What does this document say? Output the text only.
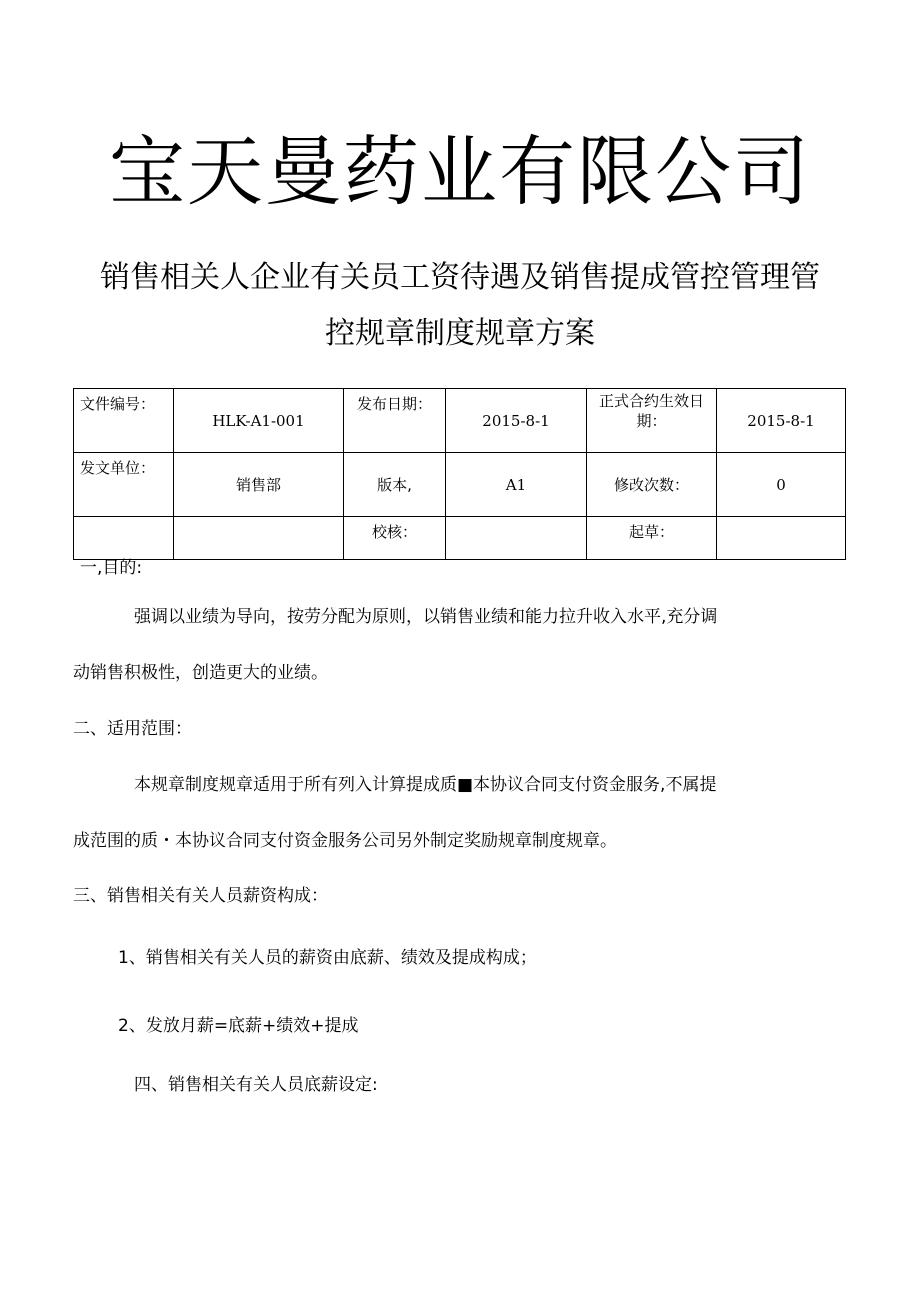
宝天曼药业有限公司
销售相关人企业有关员工资待遇及销售提成管控管理管
控规章制度规章方案
文件编号：	HLK-A1-001	发布日期：	2015-8-1	正式合约生效日期：	2015-8-1
发文单位：	销售部	版本,	A1	修改次数：	0
		校核：		起草：	

一,目的:

强调以业绩为导向，按劳分配为原则，以销售业绩和能力拉升收入水平,充分调

动销售积极性，创造更大的业绩。

二、适用范围：

本规章制度规章适用于所有列入计算提成质■本协议合同支付资金服务,不属提

成范围的质・本协议合同支付资金服务公司另外制定奖励规章制度规章。

三、销售相关有关人员薪资构成：

1、销售相关有关人员的薪资由底薪、绩效及提成构成；

2、发放月薪=底薪+绩效+提成

四、销售相关有关人员底薪设定:
